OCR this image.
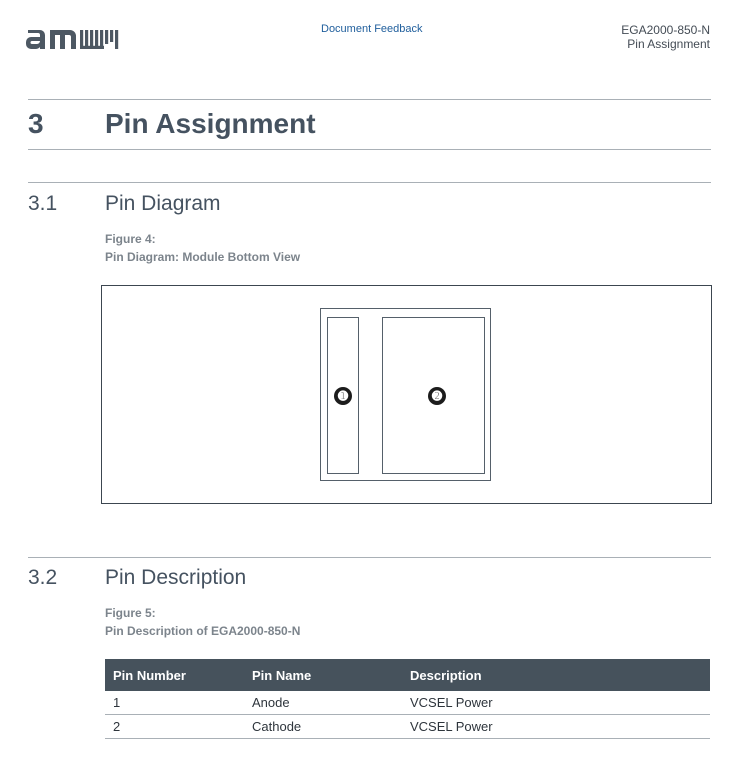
Document Feedback	EGA2000-850-N
Pin Assignment
3 Pin Assignment
3.1 Pin Diagram
Figure 4:
Pin Diagram: Module Bottom View
➊	➋
3.2 Pin Description
Figure 5:
Pin Description of EGA2000-850-N
Pin Number	Pin Name	Description
1	Anode	VCSEL Power
2	Cathode	VCSEL Power
